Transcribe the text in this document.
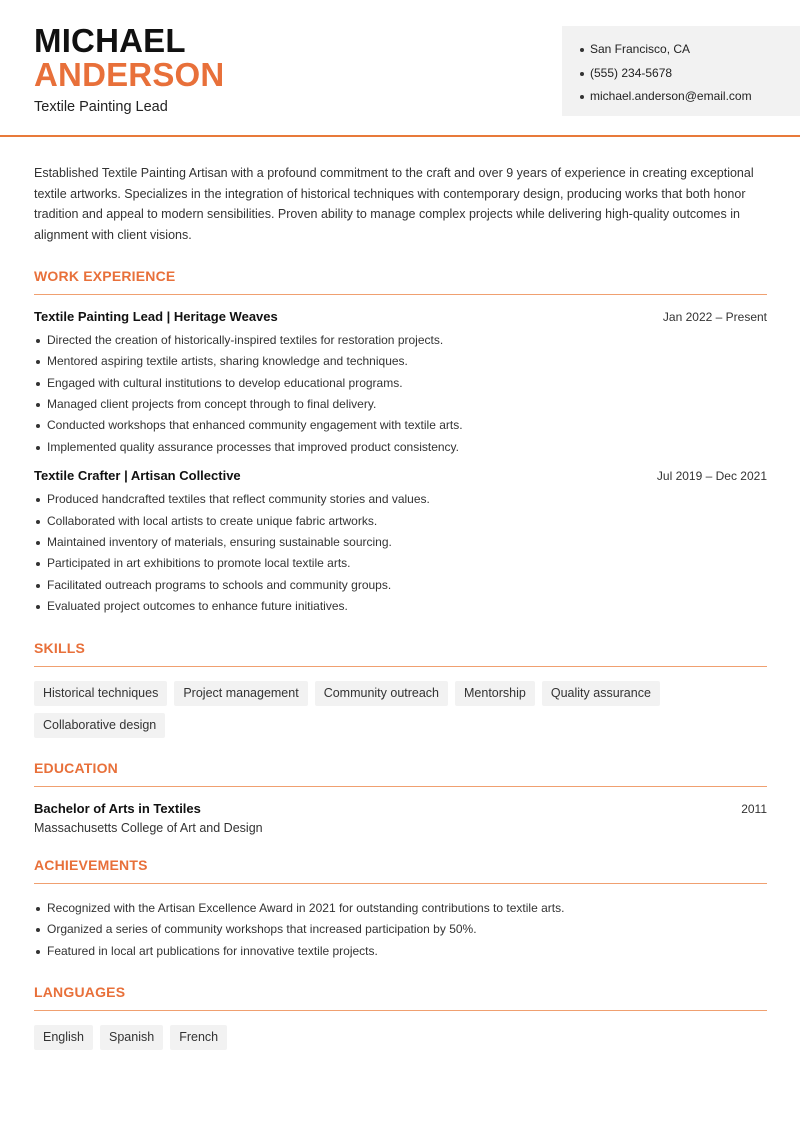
MICHAEL
ANDERSON
Textile Painting Lead
San Francisco, CA
(555) 234-5678
michael.anderson@email.com

Established Textile Painting Artisan with a profound commitment to the craft and over 9 years of experience in creating exceptional textile artworks. Specializes in the integration of historical techniques with contemporary design, producing works that both honor tradition and appeal to modern sensibilities. Proven ability to manage complex projects while delivering high-quality outcomes in alignment with client visions.

WORK EXPERIENCE
Textile Painting Lead | Heritage Weaves	Jan 2022 – Present
Directed the creation of historically-inspired textiles for restoration projects.
Mentored aspiring textile artists, sharing knowledge and techniques.
Engaged with cultural institutions to develop educational programs.
Managed client projects from concept through to final delivery.
Conducted workshops that enhanced community engagement with textile arts.
Implemented quality assurance processes that improved product consistency.
Textile Crafter | Artisan Collective	Jul 2019 – Dec 2021
Produced handcrafted textiles that reflect community stories and values.
Collaborated with local artists to create unique fabric artworks.
Maintained inventory of materials, ensuring sustainable sourcing.
Participated in art exhibitions to promote local textile arts.
Facilitated outreach programs to schools and community groups.
Evaluated project outcomes to enhance future initiatives.
SKILLS
Historical techniques	Project management	Community outreach	Mentorship	Quality assurance
Collaborative design
EDUCATION
Bachelor of Arts in Textiles	2011
Massachusetts College of Art and Design
ACHIEVEMENTS
Recognized with the Artisan Excellence Award in 2021 for outstanding contributions to textile arts.
Organized a series of community workshops that increased participation by 50%.
Featured in local art publications for innovative textile projects.
LANGUAGES
English	Spanish	French
